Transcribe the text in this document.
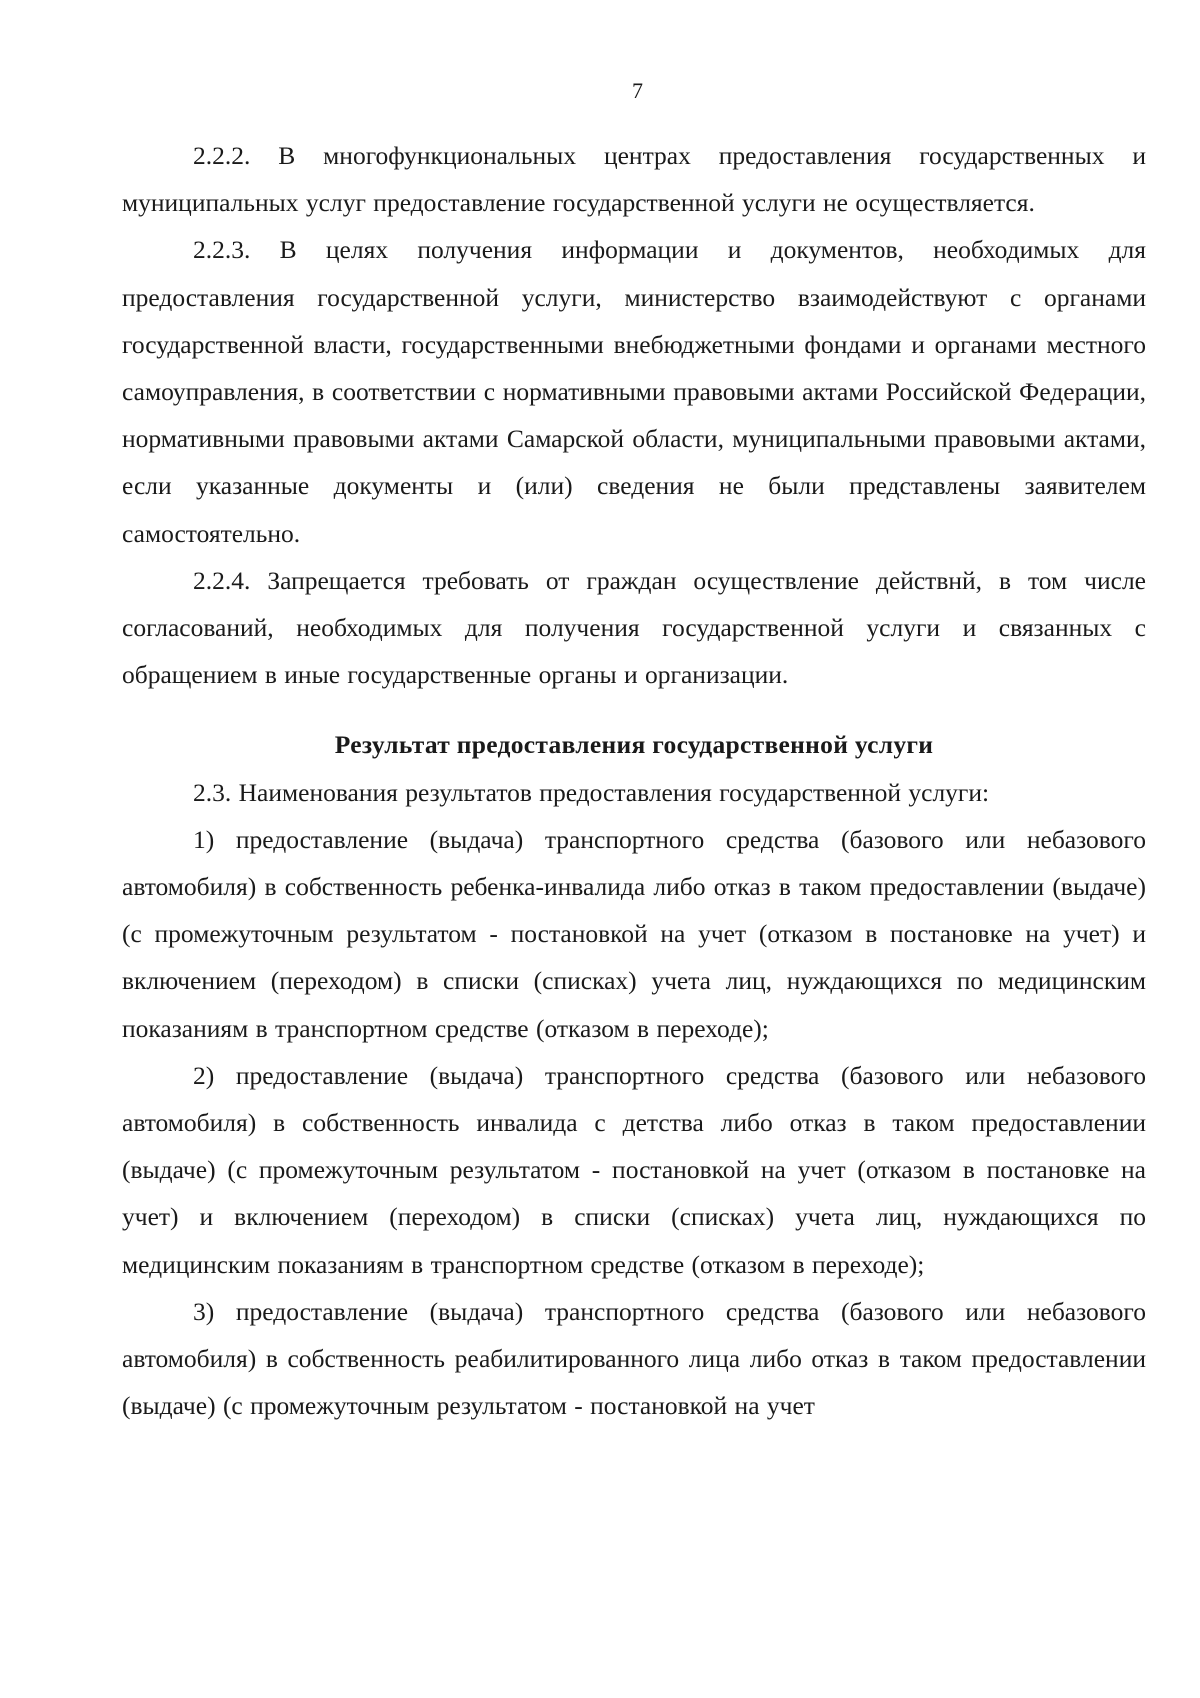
7

2.2.2. В многофункциональных центрах предоставления государственных и муниципальных услуг предоставление государственной услуги не осуществляется.

2.2.3. В целях получения информации и документов, необходимых для предоставления государственной услуги, министерство взаимодействуют с органами государственной власти, государственными внебюджетными фондами и органами местного самоуправления, в соответствии с нормативными правовыми актами Российской Федерации, нормативными правовыми актами Самарской области, муниципальными правовыми актами, если указанные документы и (или) сведения не были представлены заявителем самостоятельно.

2.2.4. Запрещается требовать от граждан осуществление действнй, в том числе согласований, необходимых для получения государственной услуги и связанных с обращением в иные государственные органы и организации.

Результат предоставления государственной услуги

2.3. Наименования результатов предоставления государственной услуги:

1) предоставление (выдача) транспортного средства (базового или небазового автомобиля) в собственность ребенка-инвалида либо отказ в таком предоставлении (выдаче) (с промежуточным результатом - постановкой на учет (отказом в постановке на учет) и включением (переходом) в списки (списках) учета лиц, нуждающихся по медицинским показаниям в транспортном средстве (отказом в переходе);

2) предоставление (выдача) транспортного средства (базового или небазового автомобиля) в собственность инвалида с детства либо отказ в таком предоставлении (выдаче) (с промежуточным результатом - постановкой на учет (отказом в постановке на учет) и включением (переходом) в списки (списках) учета лиц, нуждающихся по медицинским показаниям в транспортном средстве (отказом в переходе);

3) предоставление (выдача) транспортного средства (базового или небазового автомобиля) в собственность реабилитированного лица либо отказ в таком предоставлении (выдаче) (с промежуточным результатом - постановкой на учет
